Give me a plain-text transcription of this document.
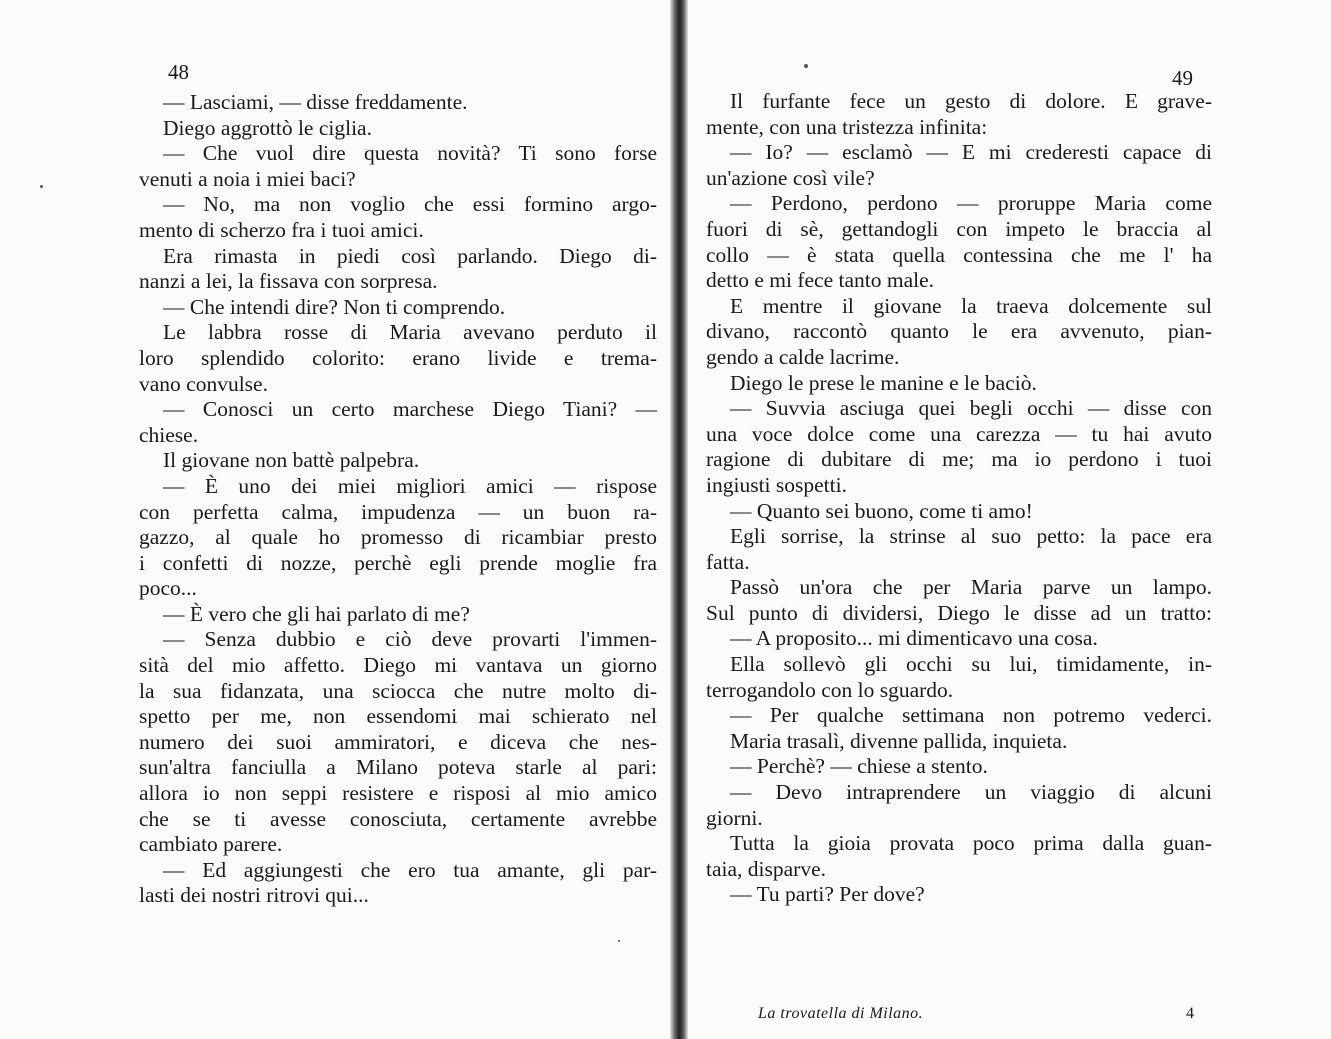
48
— Lasciami, — disse freddamente.
Diego aggrottò le ciglia.
— Che vuol dire questa novità? Ti sono forse
venuti a noia i miei baci?
— No, ma non voglio che essi formino argo-
mento di scherzo fra i tuoi amici.
Era rimasta in piedi così parlando. Diego di-
nanzi a lei, la fissava con sorpresa.
— Che intendi dire? Non ti comprendo.
Le labbra rosse di Maria avevano perduto il
loro splendido colorito: erano livide e trema-
vano convulse.
— Conosci un certo marchese Diego Tiani? —
chiese.
Il giovane non battè palpebra.
— È uno dei miei migliori amici — rispose
con perfetta calma, impudenza — un buon ra-
gazzo, al quale ho promesso di ricambiar presto
i confetti di nozze, perchè egli prende moglie fra
poco...
— È vero che gli hai parlato di me?
— Senza dubbio e ciò deve provarti l'immen-
sità del mio affetto. Diego mi vantava un giorno
la sua fidanzata, una sciocca che nutre molto di-
spetto per me, non essendomi mai schierato nel
numero dei suoi ammiratori, e diceva che nes-
sun'altra fanciulla a Milano poteva starle al pari:
allora io non seppi resistere e risposi al mio amico
che se ti avesse conosciuta, certamente avrebbe
cambiato parere.
— Ed aggiungesti che ero tua amante, gli par-
lasti dei nostri ritrovi qui...
49
Il furfante fece un gesto di dolore. E grave-
mente, con una tristezza infinita:
— Io? — esclamò — E mi crederesti capace di
un'azione così vile?
— Perdono, perdono — proruppe Maria come
fuori di sè, gettandogli con impeto le braccia al
collo — è stata quella contessina che me l' ha
detto e mi fece tanto male.
E mentre il giovane la traeva dolcemente sul
divano, raccontò quanto le era avvenuto, pian-
gendo a calde lacrime.
Diego le prese le manine e le baciò.
— Suvvia asciuga quei begli occhi — disse con
una voce dolce come una carezza — tu hai avuto
ragione di dubitare di me; ma io perdono i tuoi
ingiusti sospetti.
— Quanto sei buono, come ti amo!
Egli sorrise, la strinse al suo petto: la pace era
fatta.
Passò un'ora che per Maria parve un lampo.
Sul punto di dividersi, Diego le disse ad un tratto:
— A proposito... mi dimenticavo una cosa.
Ella sollevò gli occhi su lui, timidamente, in-
terrogandolo con lo sguardo.
— Per qualche settimana non potremo vederci.
Maria trasalì, divenne pallida, inquieta.
— Perchè? — chiese a stento.
— Devo intraprendere un viaggio di alcuni
giorni.
Tutta la gioia provata poco prima dalla guan-
taia, disparve.
— Tu parti? Per dove?
La trovatella di Milano.	4
